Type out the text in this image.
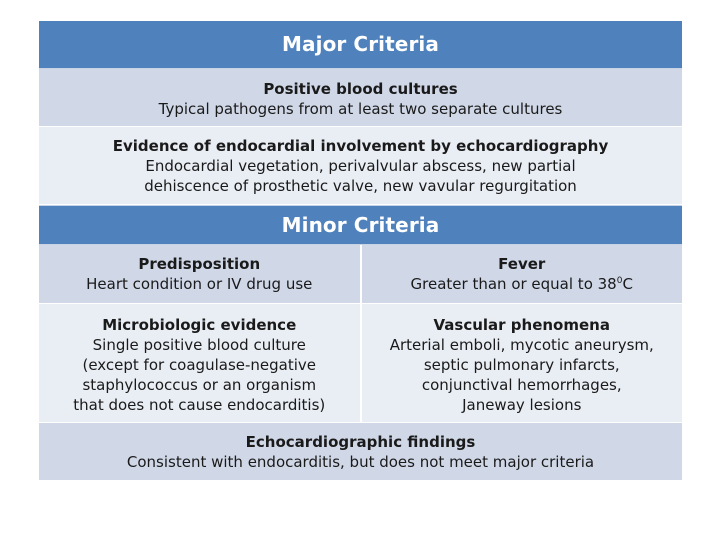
Major Criteria
Positive blood cultures
Typical pathogens from at least two separate cultures
Evidence of endocardial involvement by echocardiography
Endocardial vegetation, perivalvular abscess, new partial
dehiscence of prosthetic valve, new vavular regurgitation
Minor Criteria
Predisposition
Heart condition or IV drug use
Fever
Greater than or equal to $38^0C$
Microbiologic evidence
Single positive blood culture
(except for coagulase-negative
staphylococcus or an organism
that does not cause endocarditis)
Vascular phenomena
Arterial emboli, mycotic aneurysm,
septic pulmonary infarcts,
conjunctival hemorrhages,
Janeway lesions
Echocardiographic findings
Consistent with endocarditis, but does not meet major criteria
